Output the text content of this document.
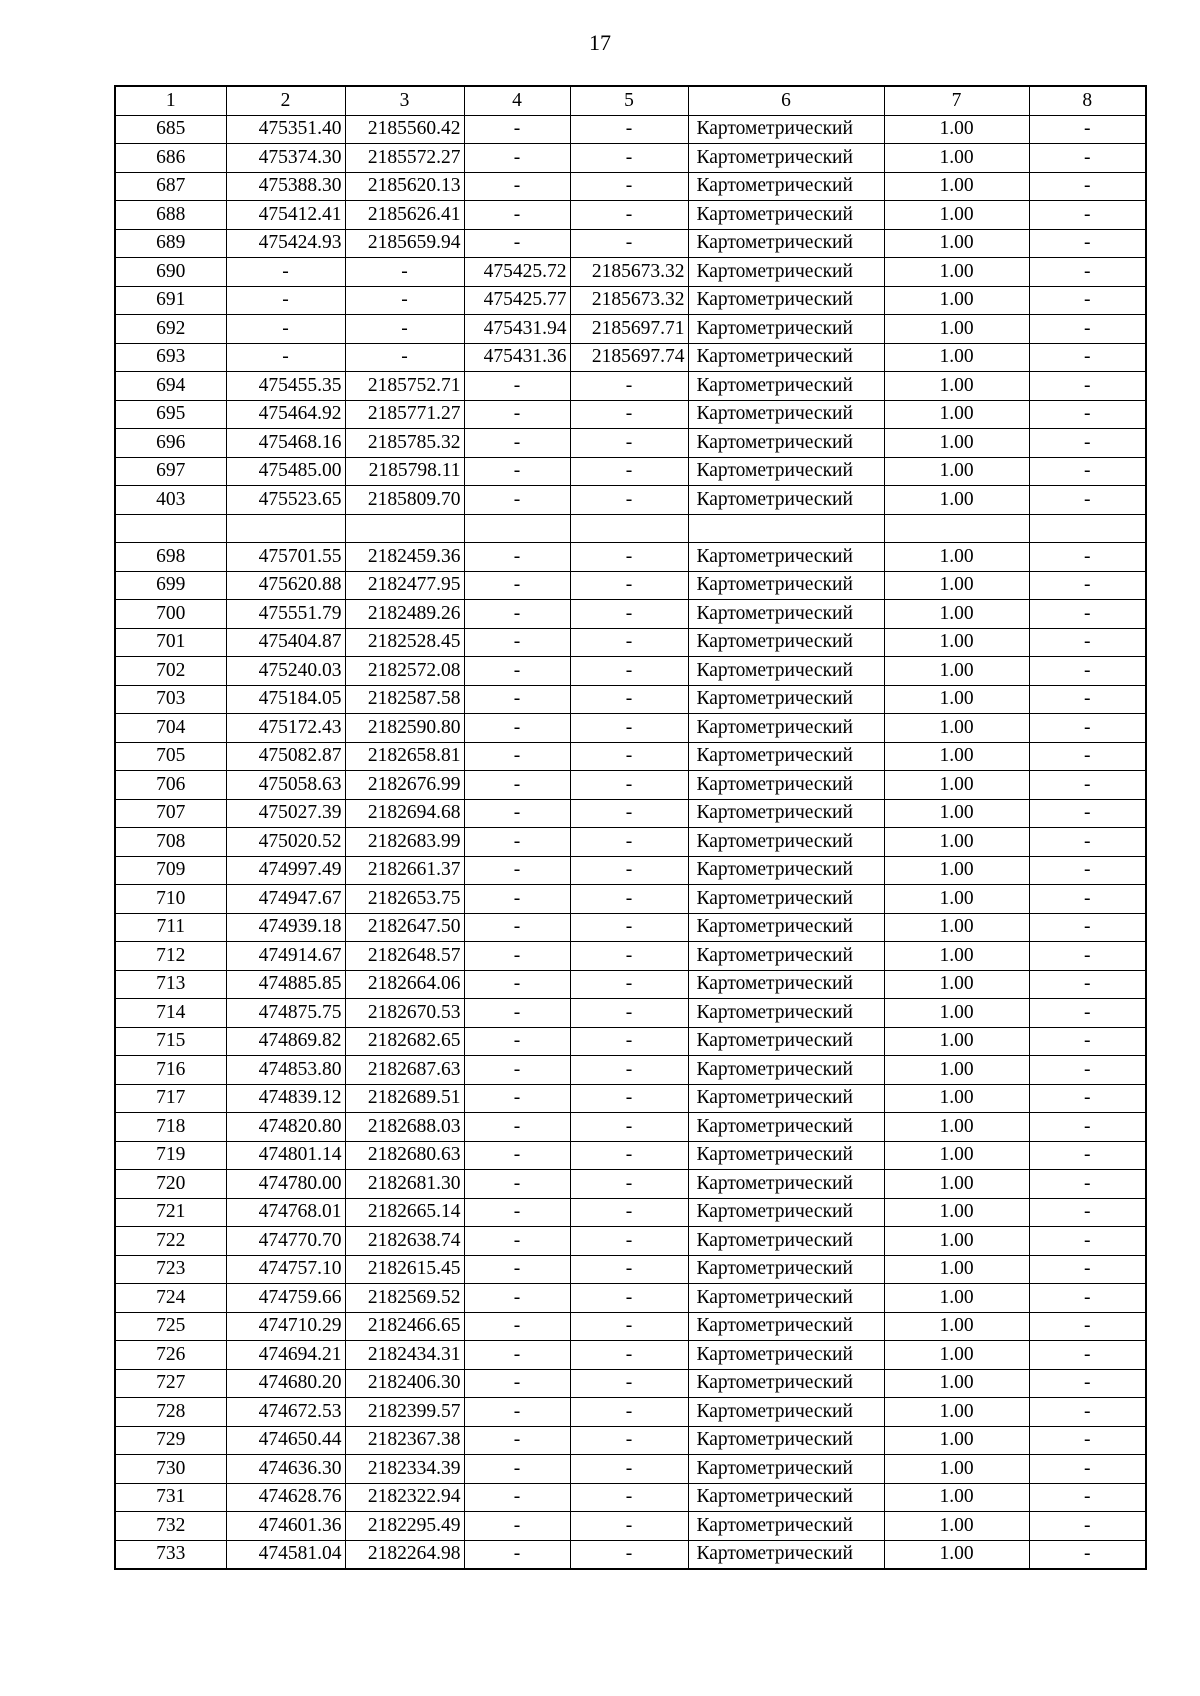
17
1	2	3	4	5	6	7	8
685	475351.40	2185560.42	-	-	Картометрический	1.00	-
686	475374.30	2185572.27	-	-	Картометрический	1.00	-
687	475388.30	2185620.13	-	-	Картометрический	1.00	-
688	475412.41	2185626.41	-	-	Картометрический	1.00	-
689	475424.93	2185659.94	-	-	Картометрический	1.00	-
690	-	-	475425.72	2185673.32	Картометрический	1.00	-
691	-	-	475425.77	2185673.32	Картометрический	1.00	-
692	-	-	475431.94	2185697.71	Картометрический	1.00	-
693	-	-	475431.36	2185697.74	Картометрический	1.00	-
694	475455.35	2185752.71	-	-	Картометрический	1.00	-
695	475464.92	2185771.27	-	-	Картометрический	1.00	-
696	475468.16	2185785.32	-	-	Картометрический	1.00	-
697	475485.00	2185798.11	-	-	Картометрический	1.00	-
403	475523.65	2185809.70	-	-	Картометрический	1.00	-

698	475701.55	2182459.36	-	-	Картометрический	1.00	-
699	475620.88	2182477.95	-	-	Картометрический	1.00	-
700	475551.79	2182489.26	-	-	Картометрический	1.00	-
701	475404.87	2182528.45	-	-	Картометрический	1.00	-
702	475240.03	2182572.08	-	-	Картометрический	1.00	-
703	475184.05	2182587.58	-	-	Картометрический	1.00	-
704	475172.43	2182590.80	-	-	Картометрический	1.00	-
705	475082.87	2182658.81	-	-	Картометрический	1.00	-
706	475058.63	2182676.99	-	-	Картометрический	1.00	-
707	475027.39	2182694.68	-	-	Картометрический	1.00	-
708	475020.52	2182683.99	-	-	Картометрический	1.00	-
709	474997.49	2182661.37	-	-	Картометрический	1.00	-
710	474947.67	2182653.75	-	-	Картометрический	1.00	-
711	474939.18	2182647.50	-	-	Картометрический	1.00	-
712	474914.67	2182648.57	-	-	Картометрический	1.00	-
713	474885.85	2182664.06	-	-	Картометрический	1.00	-
714	474875.75	2182670.53	-	-	Картометрический	1.00	-
715	474869.82	2182682.65	-	-	Картометрический	1.00	-
716	474853.80	2182687.63	-	-	Картометрический	1.00	-
717	474839.12	2182689.51	-	-	Картометрический	1.00	-
718	474820.80	2182688.03	-	-	Картометрический	1.00	-
719	474801.14	2182680.63	-	-	Картометрический	1.00	-
720	474780.00	2182681.30	-	-	Картометрический	1.00	-
721	474768.01	2182665.14	-	-	Картометрический	1.00	-
722	474770.70	2182638.74	-	-	Картометрический	1.00	-
723	474757.10	2182615.45	-	-	Картометрический	1.00	-
724	474759.66	2182569.52	-	-	Картометрический	1.00	-
725	474710.29	2182466.65	-	-	Картометрический	1.00	-
726	474694.21	2182434.31	-	-	Картометрический	1.00	-
727	474680.20	2182406.30	-	-	Картометрический	1.00	-
728	474672.53	2182399.57	-	-	Картометрический	1.00	-
729	474650.44	2182367.38	-	-	Картометрический	1.00	-
730	474636.30	2182334.39	-	-	Картометрический	1.00	-
731	474628.76	2182322.94	-	-	Картометрический	1.00	-
732	474601.36	2182295.49	-	-	Картометрический	1.00	-
733	474581.04	2182264.98	-	-	Картометрический	1.00	-
